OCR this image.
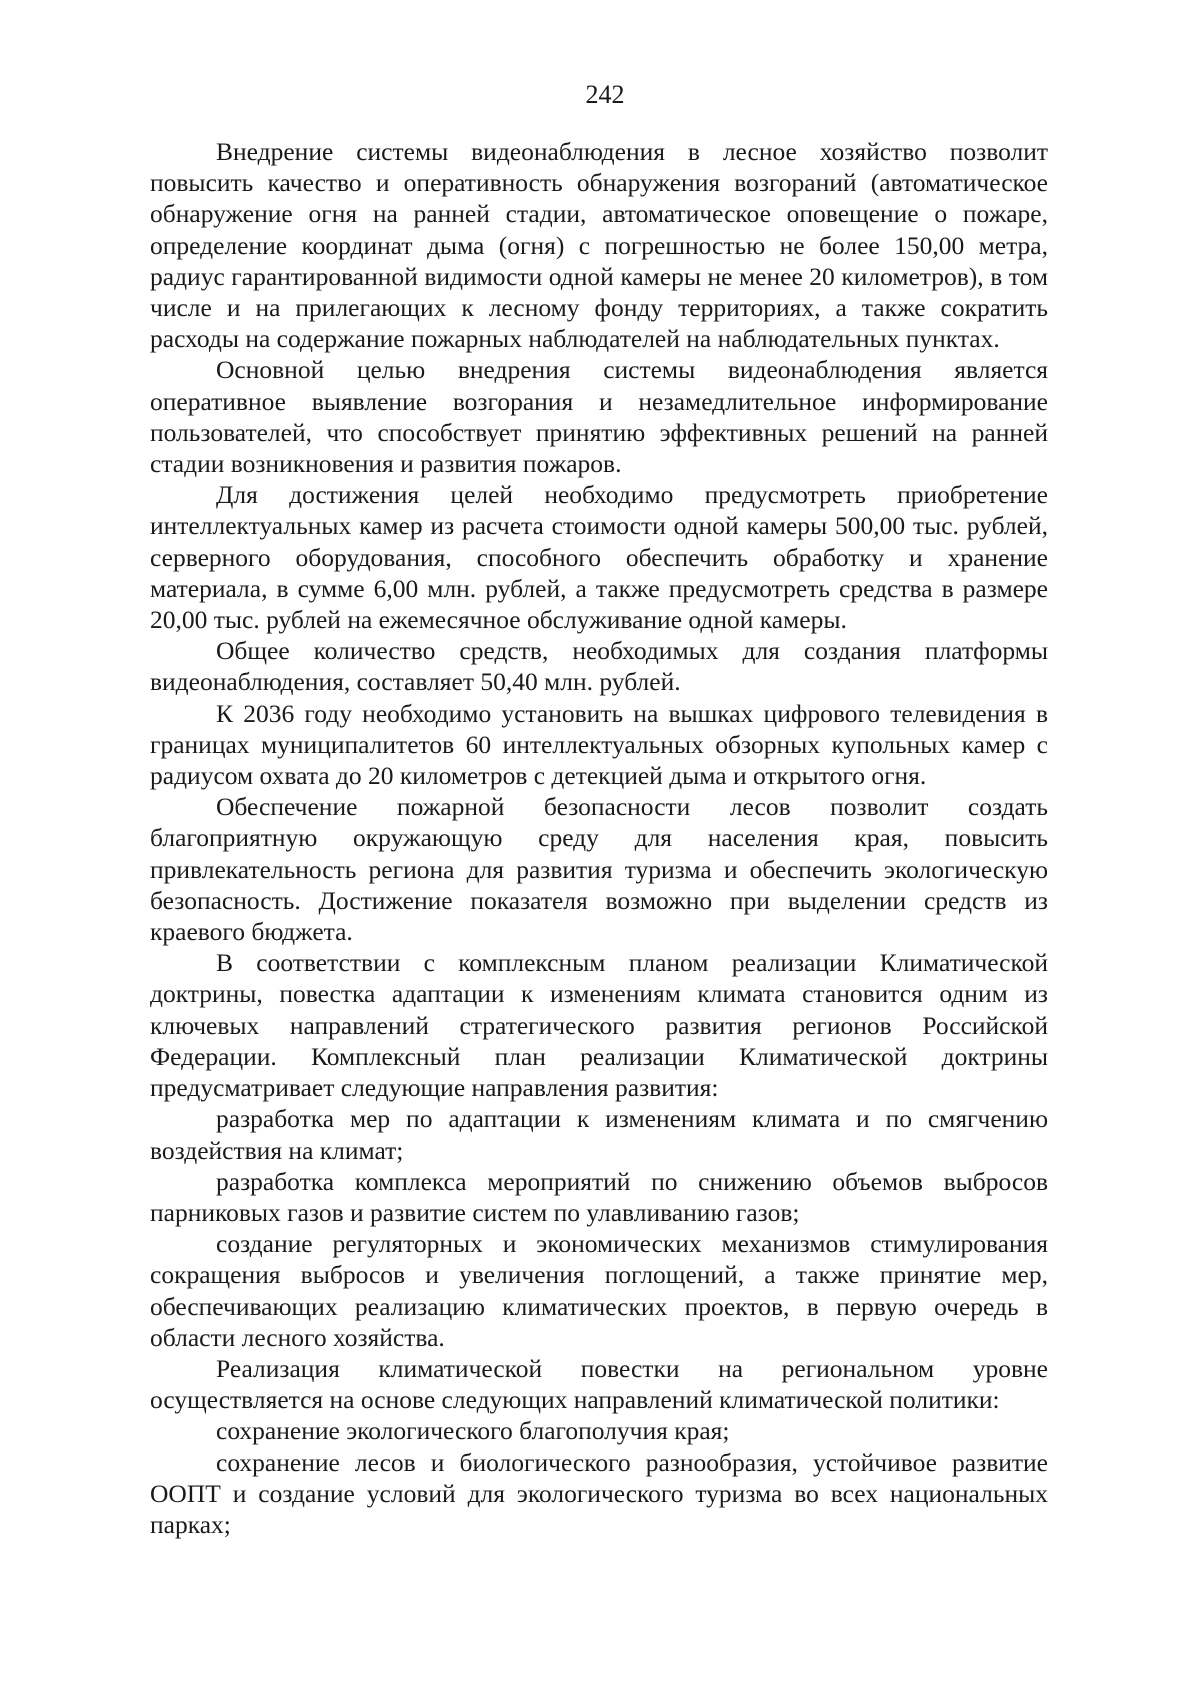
242

Внедрение системы видеонаблюдения в лесное хозяйство позволит повысить качество и оперативность обнаружения возгораний (автоматическое обнаружение огня на ранней стадии, автоматическое оповещение о пожаре, определение координат дыма (огня) с погрешностью не более 150,00 метра, радиус гарантированной видимости одной камеры не менее 20 километров), в том числе и на прилегающих к лесному фонду территориях, а также сократить расходы на содержание пожарных наблюдателей на наблюдательных пунктах.

Основной целью внедрения системы видеонаблюдения является оперативное выявление возгорания и незамедлительное информирование пользователей, что способствует принятию эффективных решений на ранней стадии возникновения и развития пожаров.

Для достижения целей необходимо предусмотреть приобретение интеллектуальных камер из расчета стоимости одной камеры 500,00 тыс. рублей, серверного оборудования, способного обеспечить обработку и хранение материала, в сумме 6,00 млн. рублей, а также предусмотреть средства в размере 20,00 тыс. рублей на ежемесячное обслуживание одной камеры.

Общее количество средств, необходимых для создания платформы видеонаблюдения, составляет 50,40 млн. рублей.

К 2036 году необходимо установить на вышках цифрового телевидения в границах муниципалитетов 60 интеллектуальных обзорных купольных камер с радиусом охвата до 20 километров с детекцией дыма и открытого огня.

Обеспечение пожарной безопасности лесов позволит создать благоприятную окружающую среду для населения края, повысить привлекательность региона для развития туризма и обеспечить экологическую безопасность. Достижение показателя возможно при выделении средств из краевого бюджета.

В соответствии с комплексным планом реализации Климатической доктрины, повестка адаптации к изменениям климата становится одним из ключевых направлений стратегического развития регионов Российской Федерации. Комплексный план реализации Климатической доктрины предусматривает следующие направления развития:

разработка мер по адаптации к изменениям климата и по смягчению воздействия на климат;

разработка комплекса мероприятий по снижению объемов выбросов парниковых газов и развитие систем по улавливанию газов;

создание регуляторных и экономических механизмов стимулирования сокращения выбросов и увеличения поглощений, а также принятие мер, обеспечивающих реализацию климатических проектов, в первую очередь в области лесного хозяйства.

Реализация климатической повестки на региональном уровне осуществляется на основе следующих направлений климатической политики:

сохранение экологического благополучия края;

сохранение лесов и биологического разнообразия, устойчивое развитие ООПТ и создание условий для экологического туризма во всех национальных парках;
